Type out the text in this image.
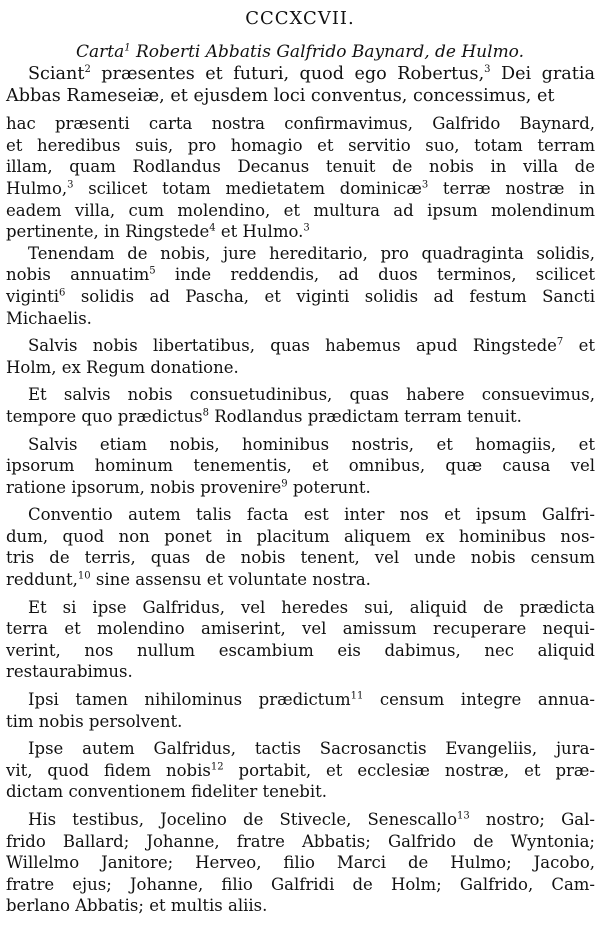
CCCXCVII.
Carta$^1$ Roberti Abbatis Galfrido Baynard, de Hulmo.
Sciant$^2$ præsentes et futuri, quod ego Robertus,$^3$ Dei gratia
Abbas Rameseiæ, et ejusdem loci conventus, concessimus, et
hac præsenti carta nostra confirmavimus, Galfrido Baynard,
et heredibus suis, pro homagio et servitio suo, totam terram
illam, quam Rodlandus Decanus tenuit de nobis in villa de
Hulmo,$^3$ scilicet totam medietatem dominicæ$^3$ terræ nostræ in
eadem villa, cum molendino, et multura ad ipsum molendinum
pertinente, in Ringstede$^4$ et Hulmo.$^3$
Tenendam de nobis, jure hereditario, pro quadraginta solidis,
nobis annuatim$^5$ inde reddendis, ad duos terminos, scilicet
viginti$^6$ solidis ad Pascha, et viginti solidis ad festum Sancti
Michaelis.
Salvis nobis libertatibus, quas habemus apud Ringstede$^7$ et
Holm, ex Regum donatione.
Et salvis nobis consuetudinibus, quas habere consuevimus,
tempore quo prædictus$^8$ Rodlandus prædictam terram tenuit.
Salvis etiam nobis, hominibus nostris, et homagiis, et
ipsorum hominum tenementis, et omnibus, quæ causa vel
ratione ipsorum, nobis provenire$^9$ poterunt.
Conventio autem talis facta est inter nos et ipsum Galfri-
dum, quod non ponet in placitum aliquem ex hominibus nos-
tris de terris, quas de nobis tenent, vel unde nobis censum
reddunt,$^{10}$ sine assensu et voluntate nostra.
Et si ipse Galfridus, vel heredes sui, aliquid de prædicta
terra et molendino amiserint, vel amissum recuperare nequi-
verint, nos nullum escambium eis dabimus, nec aliquid
restaurabimus.
Ipsi tamen nihilominus prædictum$^{11}$ censum integre annua-
tim nobis persolvent.
Ipse autem Galfridus, tactis Sacrosanctis Evangeliis, jura-
vit, quod fidem nobis$^{12}$ portabit, et ecclesiæ nostræ, et præ-
dictam conventionem fideliter tenebit.
His testibus, Jocelino de Stivecle, Senescallo$^{13}$ nostro; Gal-
frido Ballard; Johanne, fratre Abbatis; Galfrido de Wyntonia;
Willelmo Janitore; Herveo, filio Marci de Hulmo; Jacobo,
fratre ejus; Johanne, filio Galfridi de Holm; Galfrido, Cam-
berlano Abbatis; et multis aliis.
